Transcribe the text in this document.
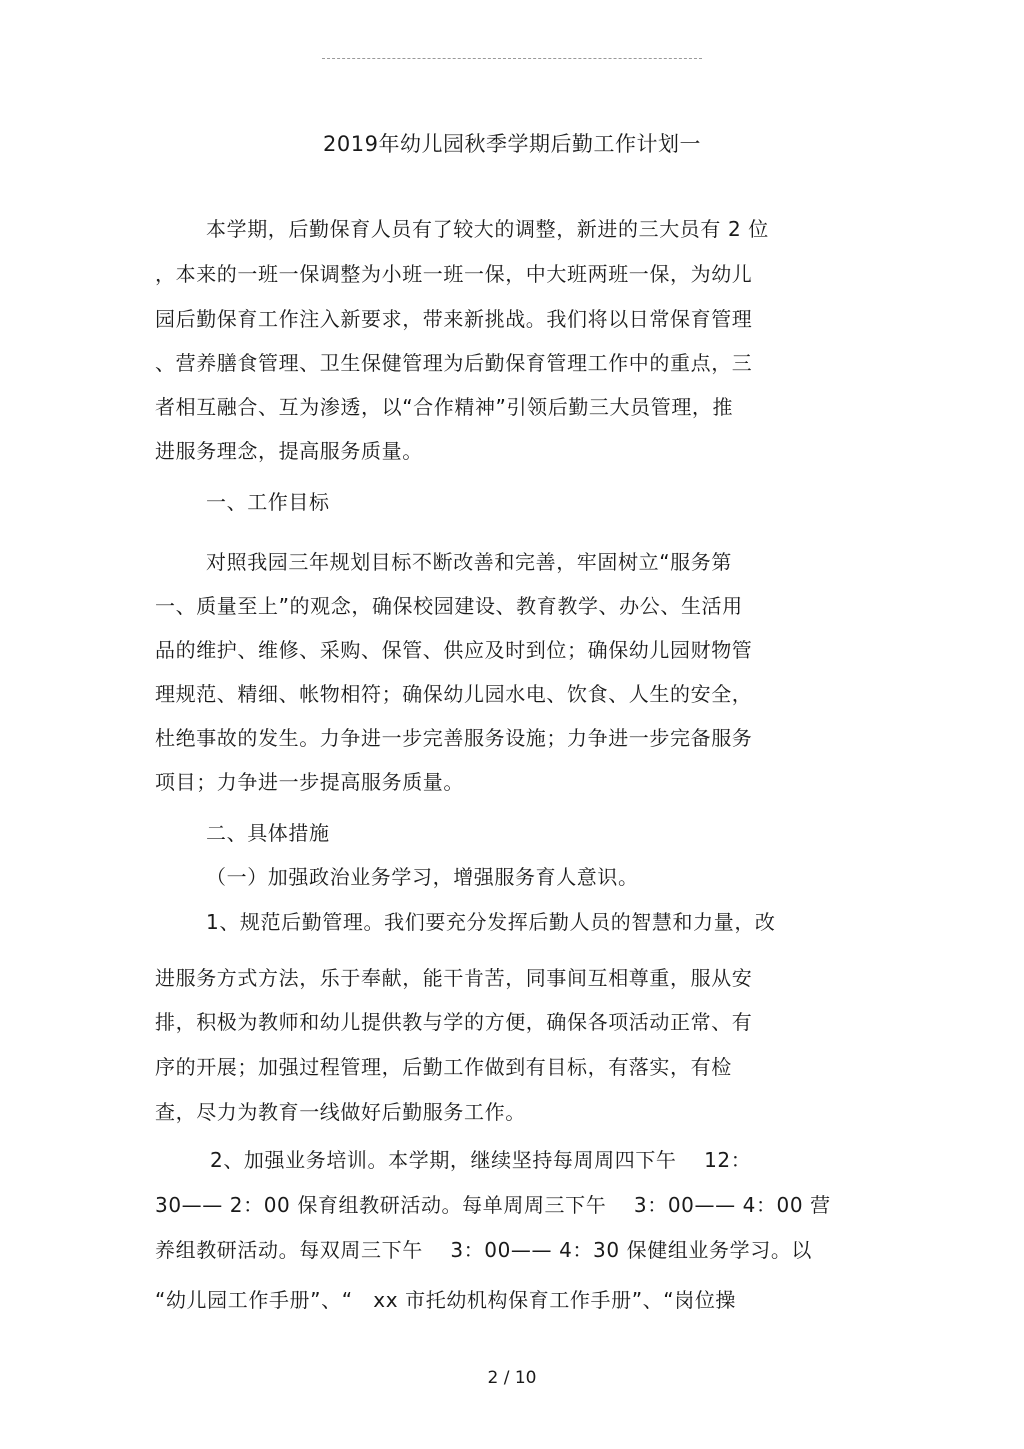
2019年幼儿园秋季学期后勤工作计划一
本学期，后勤保育人员有了较大的调整，新进的三大员有 2 位
，本来的一班一保调整为小班一班一保，中大班两班一保，为幼儿
园后勤保育工作注入新要求，带来新挑战。我们将以日常保育管理
、营养膳食管理、卫生保健管理为后勤保育管理工作中的重点，三
者相互融合、互为渗透，以“合作精神”引领后勤三大员管理，推
进服务理念，提高服务质量。
一、工作目标
对照我园三年规划目标不断改善和完善，牢固树立“服务第
一、质量至上”的观念，确保校园建设、教育教学、办公、生活用
品的维护、维修、采购、保管、供应及时到位；确保幼儿园财物管
理规范、精细、帐物相符；确保幼儿园水电、饮食、人生的安全，
杜绝事故的发生。力争进一步完善服务设施；力争进一步完备服务
项目；力争进一步提高服务质量。
二、具体措施
（一）加强政治业务学习，增强服务育人意识。
1、规范后勤管理。我们要充分发挥后勤人员的智慧和力量，改
进服务方式方法，乐于奉献，能干肯苦，同事间互相尊重，服从安
排，积极为教师和幼儿提供教与学的方便，确保各项活动正常、有
序的开展；加强过程管理，后勤工作做到有目标，有落实，有检
查，尽力为教育一线做好后勤服务工作。
2、加强业务培训。本学期，继续坚持每周周四下午　 12：
30—— 2：00 保育组教研活动。每单周周三下午　 3：00—— 4：00 营
养组教研活动。每双周三下午　 3：00—— 4：30 保健组业务学习。以
“幼儿园工作手册”、“　xx 市托幼机构保育工作手册”、“岗位操
2 / 10
